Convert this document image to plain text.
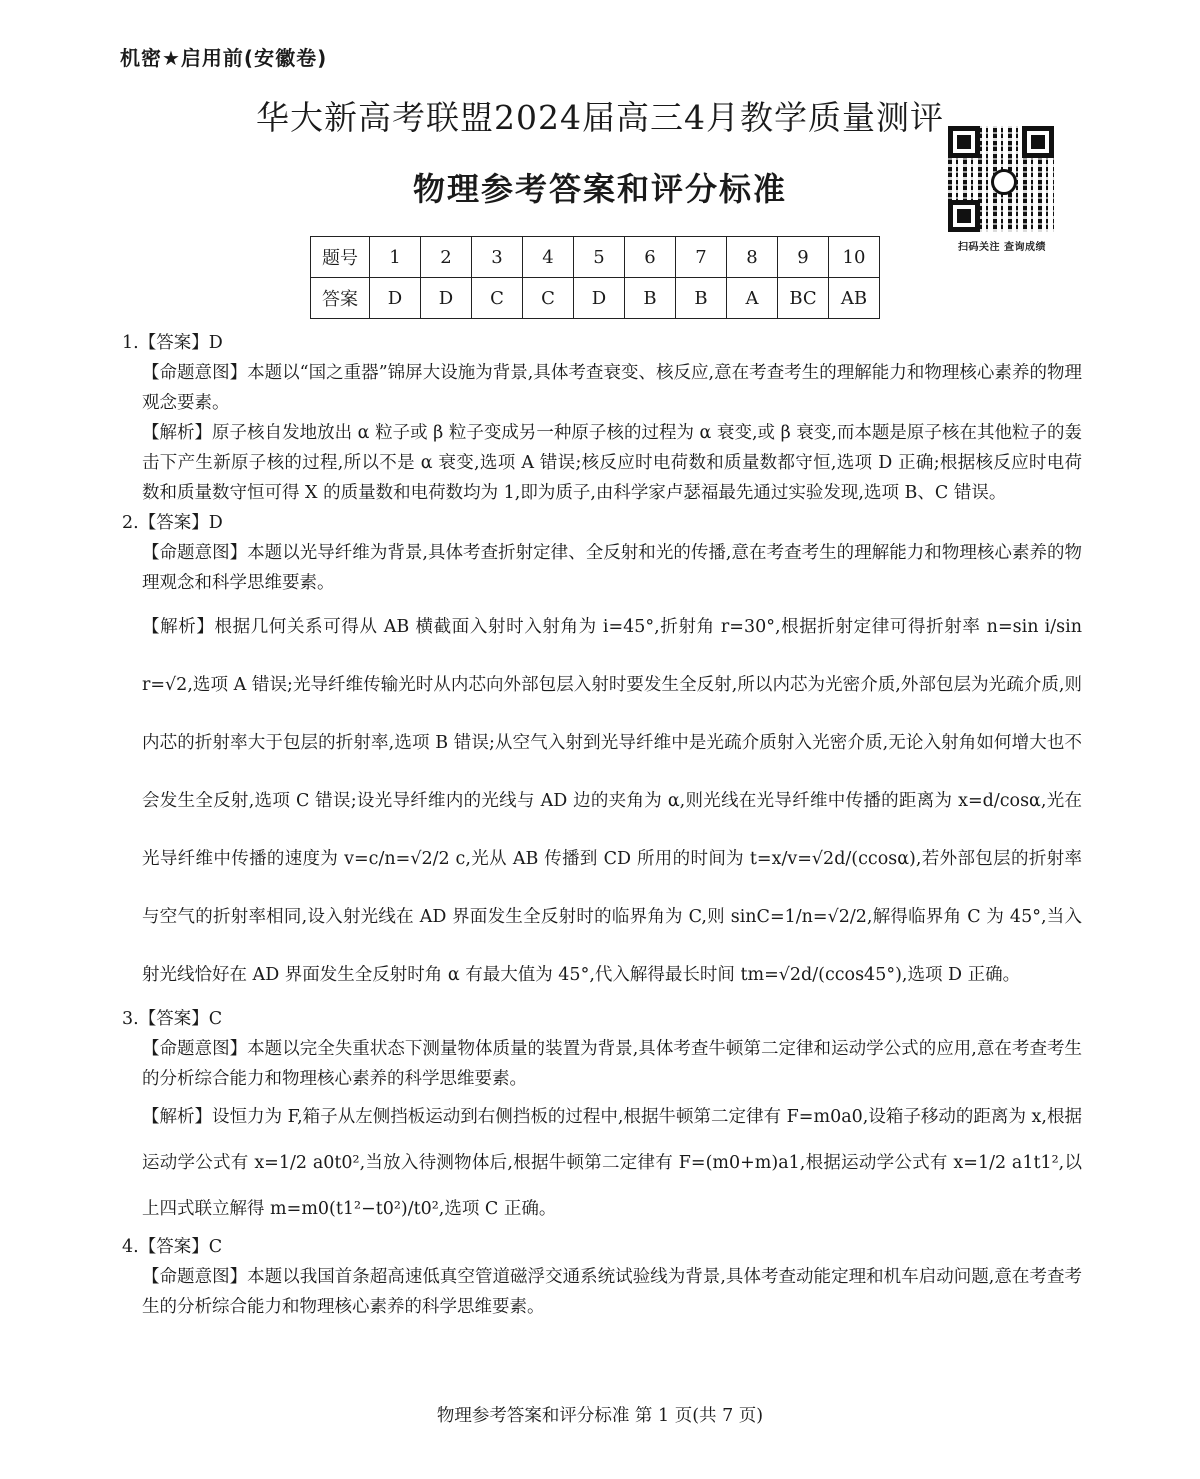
机密★启用前(安徽卷)
华大新高考联盟2024届高三4月教学质量测评
物理参考答案和评分标准
扫码关注 查询成绩
题号	1	2	3	4	5	6	7	8	9	10
答案	D	D	C	C	D	B	B	A	BC	AB

1.【答案】D

【命题意图】本题以“国之重器”锦屏大设施为背景,具体考查衰变、核反应,意在考查考生的理解能力和物理核心素养的物理观念要素。

【解析】原子核自发地放出 α 粒子或 β 粒子变成另一种原子核的过程为 α 衰变,或 β 衰变,而本题是原子核在其他粒子的轰击下产生新原子核的过程,所以不是 α 衰变,选项 A 错误;核反应时电荷数和质量数都守恒,选项 D 正确;根据核反应时电荷数和质量数守恒可得 X 的质量数和电荷数均为 1,即为质子,由科学家卢瑟福最先通过实验发现,选项 B、C 错误。

2.【答案】D

【命题意图】本题以光导纤维为背景,具体考查折射定律、全反射和光的传播,意在考查考生的理解能力和物理核心素养的物理观念和科学思维要素。

【解析】根据几何关系可得从 AB 横截面入射时入射角为 i=45°,折射角 r=30°,根据折射定律可得折射率 n=sin i/sin r=√2,选项 A 错误;光导纤维传输光时从内芯向外部包层入射时要发生全反射,所以内芯为光密介质,外部包层为光疏介质,则内芯的折射率大于包层的折射率,选项 B 错误;从空气入射到光导纤维中是光疏介质射入光密介质,无论入射角如何增大也不会发生全反射,选项 C 错误;设光导纤维内的光线与 AD 边的夹角为 α,则光线在光导纤维中传播的距离为 x=d/cosα,光在光导纤维中传播的速度为 v=c/n=√2/2 c,光从 AB 传播到 CD 所用的时间为 t=x/v=√2d/(ccosα),若外部包层的折射率与空气的折射率相同,设入射光线在 AD 界面发生全反射时的临界角为 C,则 sinC=1/n=√2/2,解得临界角 C 为 45°,当入射光线恰好在 AD 界面发生全反射时角 α 有最大值为 45°,代入解得最长时间 tm=√2d/(ccos45°),选项 D 正确。

3.【答案】C

【命题意图】本题以完全失重状态下测量物体质量的装置为背景,具体考查牛顿第二定律和运动学公式的应用,意在考查考生的分析综合能力和物理核心素养的科学思维要素。

【解析】设恒力为 F,箱子从左侧挡板运动到右侧挡板的过程中,根据牛顿第二定律有 F=m0a0,设箱子移动的距离为 x,根据运动学公式有 x=1/2 a0t0²,当放入待测物体后,根据牛顿第二定律有 F=(m0+m)a1,根据运动学公式有 x=1/2 a1t1²,以上四式联立解得 m=m0(t1²−t0²)/t0²,选项 C 正确。

4.【答案】C

【命题意图】本题以我国首条超高速低真空管道磁浮交通系统试验线为背景,具体考查动能定理和机车启动问题,意在考查考生的分析综合能力和物理核心素养的科学思维要素。

物理参考答案和评分标准 第 1 页(共 7 页)
